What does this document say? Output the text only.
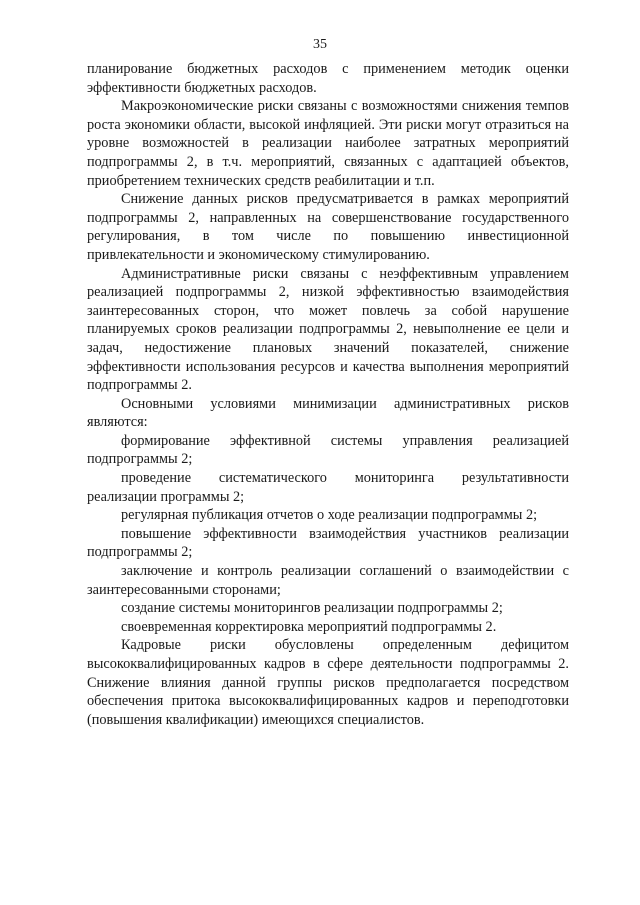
35

планирование бюджетных расходов с применением методик оценки эффективности бюджетных расходов.

Макроэкономические риски связаны с возможностями снижения темпов роста экономики области, высокой инфляцией. Эти риски могут отразиться на уровне возможностей в реализации наиболее затратных мероприятий подпрограммы 2, в т.ч. мероприятий, связанных с адаптацией объектов, приобретением технических средств реабилитации и т.п.

Снижение данных рисков предусматривается в рамках мероприятий подпрограммы 2, направленных на совершенствование государственного регулирования, в том числе по повышению инвестиционной привлекательности и экономическому стимулированию.

Административные риски связаны с неэффективным управлением реализацией подпрограммы 2, низкой эффективностью взаимодействия заинтересованных сторон, что может повлечь за собой нарушение планируемых сроков реализации подпрограммы 2, невыполнение ее цели и задач, недостижение плановых значений показателей, снижение эффективности использования ресурсов и качества выполнения мероприятий подпрограммы 2.

Основными условиями минимизации административных рисков являются:

формирование эффективной системы управления реализацией подпрограммы 2;

проведение систематического мониторинга результативности реализации программы 2;

регулярная публикация отчетов о ходе реализации подпрограммы 2;

повышение эффективности взаимодействия участников реализации подпрограммы 2;

заключение и контроль реализации соглашений о взаимодействии с заинтересованными сторонами;

создание системы мониторингов реализации подпрограммы 2;

своевременная корректировка мероприятий подпрограммы 2.

Кадровые риски обусловлены определенным дефицитом высококвалифицированных кадров в сфере деятельности подпрограммы 2. Снижение влияния данной группы рисков предполагается посредством обеспечения притока высококвалифицированных кадров и переподготовки (повышения квалификации) имеющихся специалистов.
